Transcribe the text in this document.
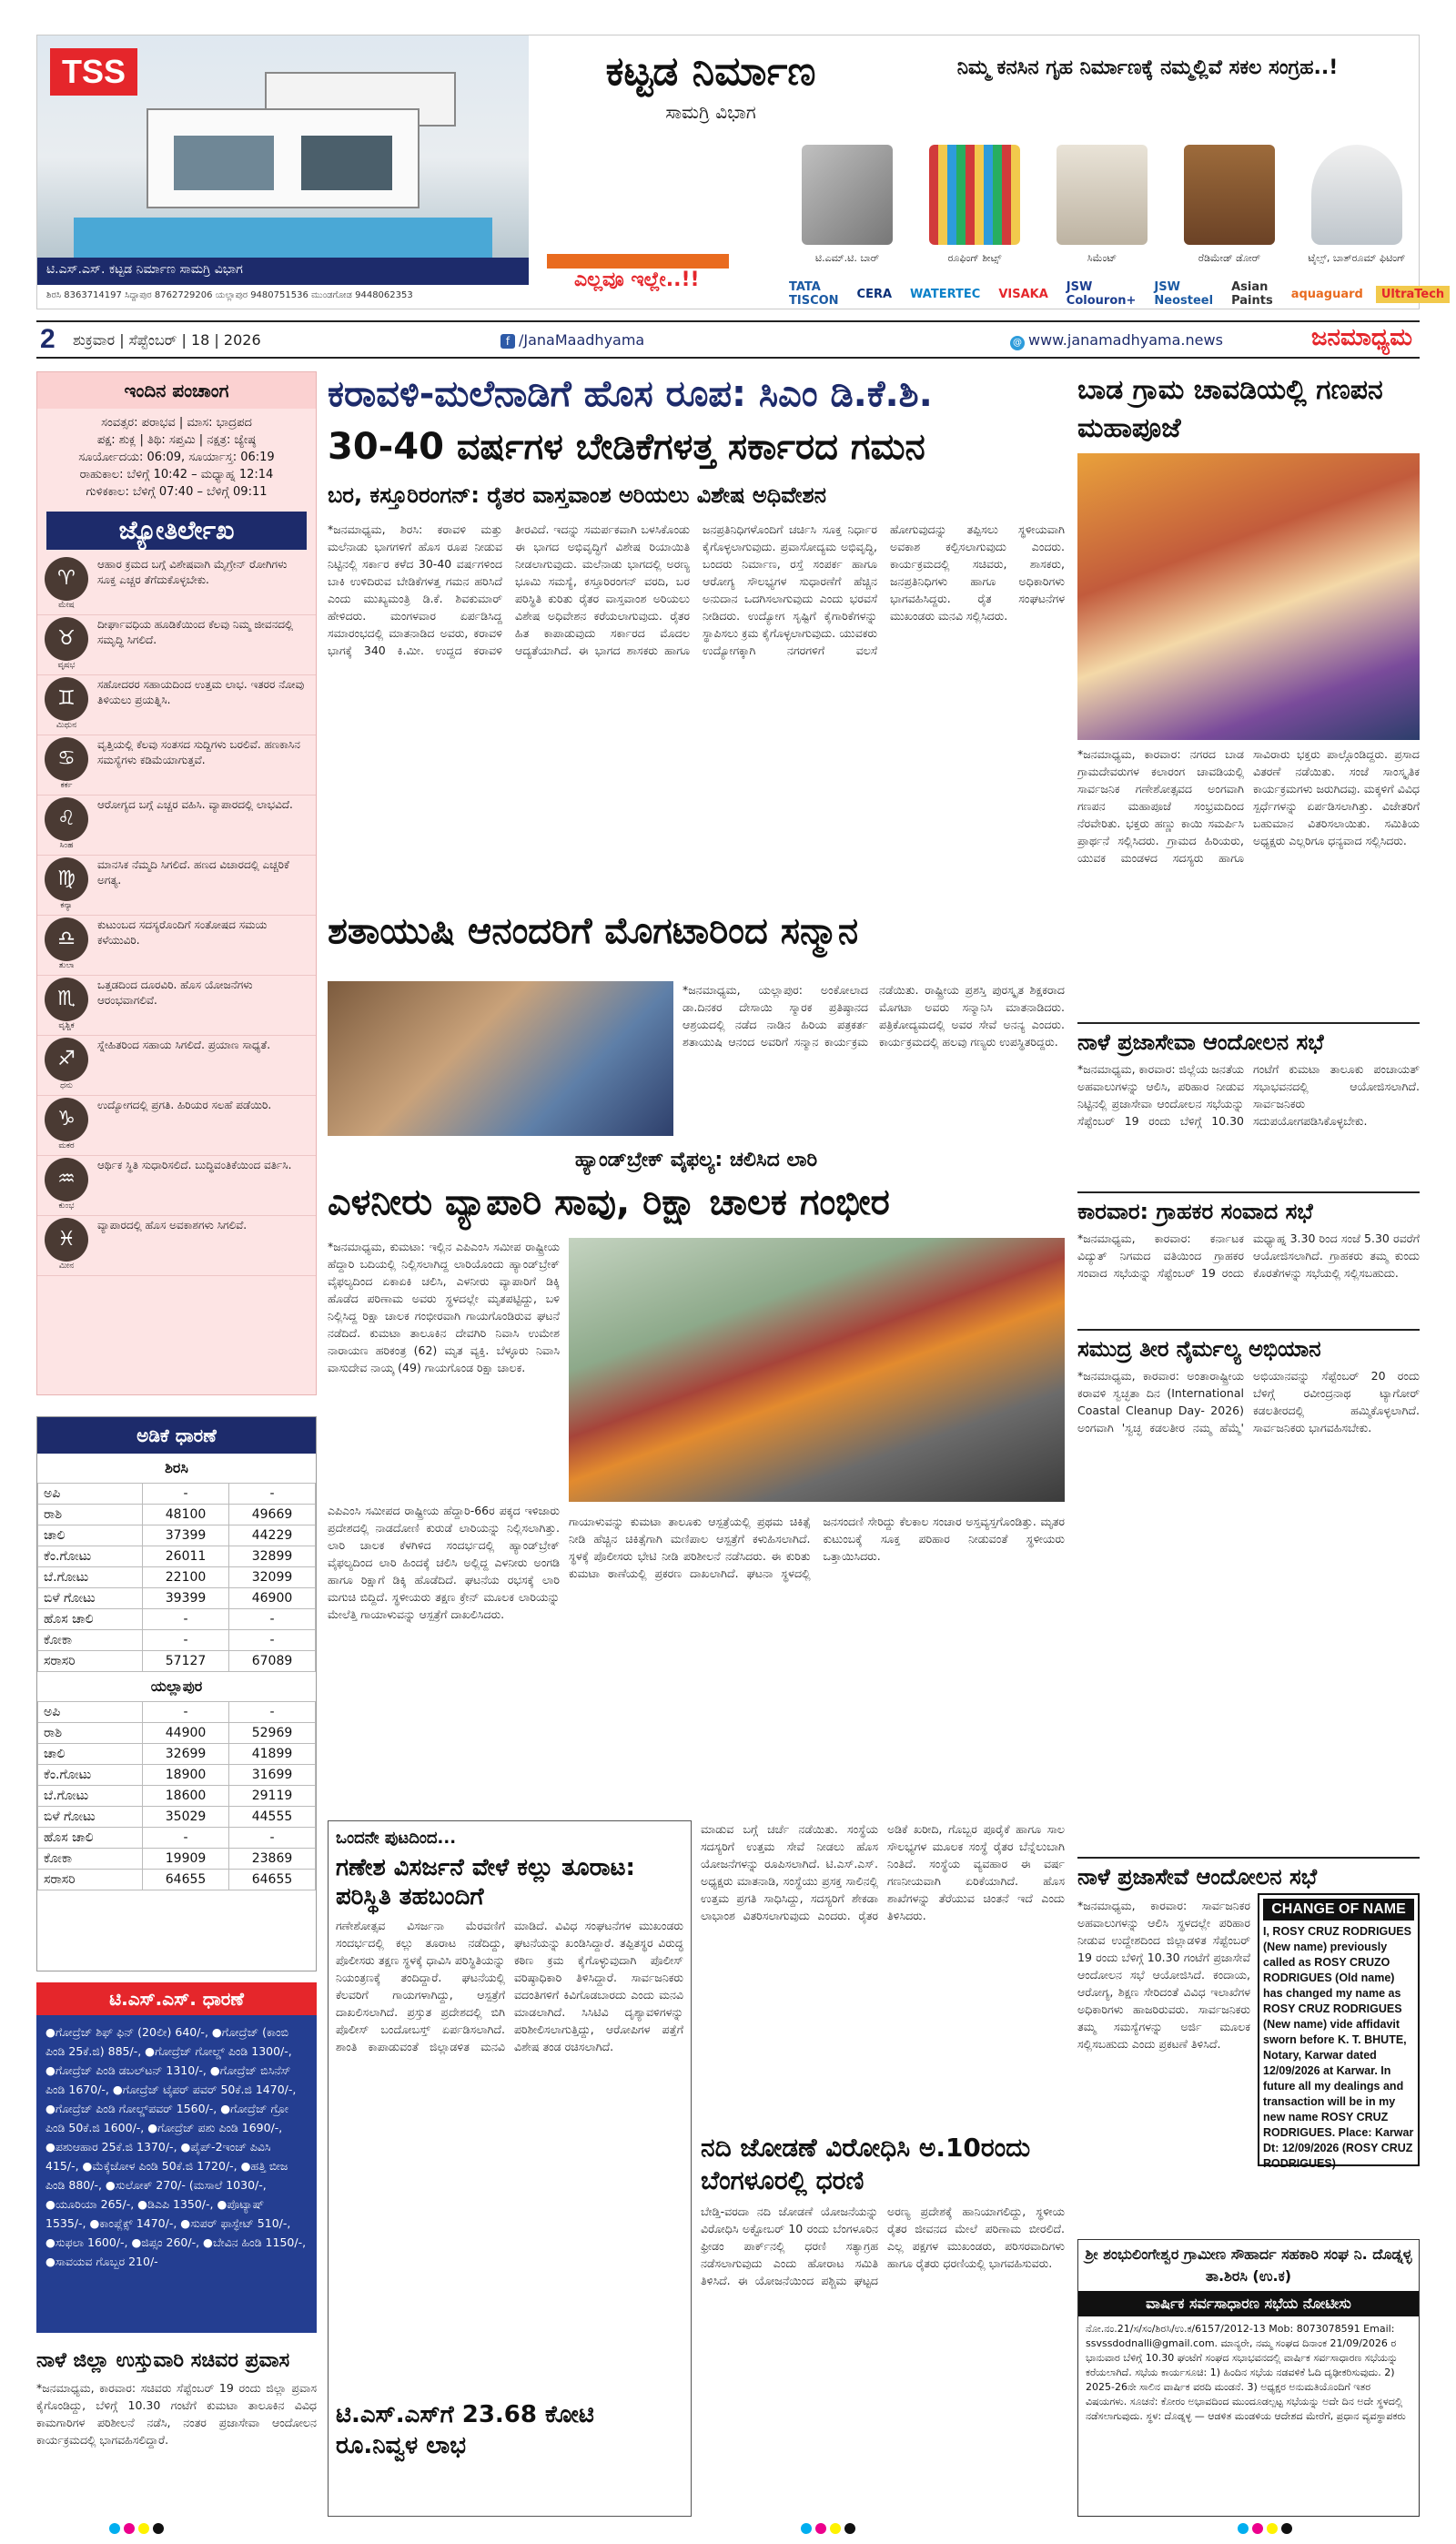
TSS
ಟಿ.ಎಸ್.ಎಸ್. ಕಟ್ಟಡ ನಿರ್ಮಾಣ ಸಾಮಗ್ರಿ ವಿಭಾಗ
ಶಿರಸಿ 8363714197 ಸಿದ್ದಾಪುರ 8762729206 ಯಲ್ಲಾಪುರ 9480751536 ಮುಂಡಗೋಡ 9448062353
ಕಟ್ಟಡ ನಿರ್ಮಾಣ
ಸಾಮಗ್ರಿ ವಿಭಾಗ
ನಿಮ್ಮ ಕನಸಿನ ಗೃಹ ನಿರ್ಮಾಣಕ್ಕೆ ನಮ್ಮಲ್ಲಿವೆ ಸಕಲ ಸಂಗ್ರಹ..!
ಎಲ್ಲವೂ ಇಲ್ಲೇ..!!
ಟಿ.ಎಮ್.ಟಿ. ಬಾರ್	ರೂಫಿಂಗ್ ಶೀಟ್ಸ್	ಸಿಮೆಂಟ್	ರೆಡಿಮೇಡ್ ಡೋರ್	ಟೈಲ್ಸ್, ಬಾತ್‌ರೂಮ್ ಫಿಟಿಂಗ್
TATA TISCON	CERA	WATERTEC	VISAKA	JSW Colouron+
JSW Neosteel
Asian Paints	aquaguard	UltraTech
2 ಶುಕ್ರವಾರ | ಸೆಪ್ಟೆಂಬರ್ | 18 | 2026	f /JanaMaadhyama	@ www.janamadhyama.news	ಜನಮಾಧ್ಯಮ
ಇಂದಿನ ಪಂಚಾಂಗ
ಸಂವತ್ಸರ: ಪರಾಭವ | ಮಾಸ: ಭಾದ್ರಪದ
ಪಕ್ಷ: ಶುಕ್ಲ | ತಿಥಿ: ಸಪ್ತಮಿ | ನಕ್ಷತ್ರ: ಜ್ಯೇಷ್ಠ
ಸೂರ್ಯೋದಯ: 06:09, ಸೂರ್ಯಾಸ್ತ: 06:19
ರಾಹುಕಾಲ: ಬೆಳಿಗ್ಗೆ 10:42 – ಮಧ್ಯಾಹ್ನ 12:14
ಗುಳಿಕಕಾಲ: ಬೆಳಿಗ್ಗೆ 07:40 – ಬೆಳಿಗ್ಗೆ 09:11
ಜ್ಯೋತಿರ್ಲೇಖ
♈
ಮೇಷ
ಆಹಾರ ಕ್ರಮದ ಬಗ್ಗೆ ವಿಶೇಷವಾಗಿ ಮೈಗ್ರೇನ್ ರೋಗಿಗಳು ಸೂಕ್ತ ಎಚ್ಚರ ತೆಗೆದುಕೊಳ್ಳಬೇಕು.
♉
ವೃಷಭ
ದೀರ್ಘಾವಧಿಯ ಹೂಡಿಕೆಯಿಂದ ಕೆಲವು ನಿಮ್ಮ ಜೀವನದಲ್ಲಿ ಸಮೃದ್ಧಿ ಸಿಗಲಿದೆ.
♊
ಮಿಥುನ
ಸಹೋದರರ ಸಹಾಯದಿಂದ ಉತ್ತಮ ಲಾಭ. ಇತರರ ನೋವು ತಿಳಿಯಲು ಪ್ರಯತ್ನಿಸಿ.
♋
ಕರ್ಕ
ವೃತ್ತಿಯಲ್ಲಿ ಕೆಲವು ಸಂತಸದ ಸುದ್ದಿಗಳು ಬರಲಿವೆ. ಹಣಕಾಸಿನ ಸಮಸ್ಯೆಗಳು ಕಡಿಮೆಯಾಗುತ್ತವೆ.
♌
ಸಿಂಹ
ಆರೋಗ್ಯದ ಬಗ್ಗೆ ಎಚ್ಚರ ವಹಿಸಿ. ವ್ಯಾಪಾರದಲ್ಲಿ ಲಾಭವಿದೆ.
♍
ಕನ್ಯಾ
ಮಾನಸಿಕ ನೆಮ್ಮದಿ ಸಿಗಲಿದೆ. ಹಣದ ವಿಚಾರದಲ್ಲಿ ಎಚ್ಚರಿಕೆ ಅಗತ್ಯ.
♎
ತುಲಾ
ಕುಟುಂಬದ ಸದಸ್ಯರೊಂದಿಗೆ ಸಂತೋಷದ ಸಮಯ ಕಳೆಯುವಿರಿ.
♏
ವೃಶ್ಚಿಕ
ಒತ್ತಡದಿಂದ ದೂರವಿರಿ. ಹೊಸ ಯೋಜನೆಗಳು ಆರಂಭವಾಗಲಿವೆ.
♐
ಧನು
ಸ್ನೇಹಿತರಿಂದ ಸಹಾಯ ಸಿಗಲಿದೆ. ಪ್ರಯಾಣ ಸಾಧ್ಯತೆ.
♑
ಮಕರ
ಉದ್ಯೋಗದಲ್ಲಿ ಪ್ರಗತಿ. ಹಿರಿಯರ ಸಲಹೆ ಪಡೆಯಿರಿ.
♒
ಕುಂಭ
ಆರ್ಥಿಕ ಸ್ಥಿತಿ ಸುಧಾರಿಸಲಿದೆ. ಬುದ್ಧಿವಂತಿಕೆಯಿಂದ ವರ್ತಿಸಿ.
♓
ಮೀನ
ವ್ಯಾಪಾರದಲ್ಲಿ ಹೊಸ ಅವಕಾಶಗಳು ಸಿಗಲಿವೆ.
ಅಡಿಕೆ ಧಾರಣೆ
ಶಿರಸಿ
ಅಪಿ	-	-
ರಾಶಿ	48100	49669
ಚಾಲಿ	37399	44229
ಕೆಂ.ಗೋಟು	26011	32899
ಬೆ.ಗೋಟು	22100	32099
ಬಿಳೆ ಗೋಟು	39399	46900
ಹೊಸ ಚಾಲಿ	-	-
ಕೋಕಾ	-	-
ಸರಾಸರಿ	57127	67089
ಯಲ್ಲಾಪುರ
ಅಪಿ	-	-
ರಾಶಿ	44900	52969
ಚಾಲಿ	32699	41899
ಕೆಂ.ಗೋಟು	18900	31699
ಬೆ.ಗೋಟು	18600	29119
ಬಿಳೆ ಗೋಟು	35029	44555
ಹೊಸ ಚಾಲಿ	-	-
ಕೋಕಾ	19909	23869
ಸರಾಸರಿ	64655	64655
ಟಿ.ಎಸ್.ಎಸ್. ಧಾರಣೆ
●ಗೋದ್ರೆಜ್ ಶಿಫ್ ಫಿನ್ (20ಲೀ) 640/-, ●ಗೋದ್ರೆಜ್ (ಕಾಂಬಿ ಪಿಂಡಿ 25ಕೆ.ಜಿ) 885/-, ●ಗೋದ್ರೆಜ್ ಗೋಲ್ಡ್ ಪಿಂಡಿ 1300/-, ●ಗೋದ್ರೆಜ್ ಪಿಂಡಿ ಡಬಲ್‌ಟನ್ 1310/-, ●ಗೋದ್ರೆಜ್ ಬಿಸಿನೆಸ್ ಪಿಂಡಿ 1670/-, ●ಗೋದ್ರೆಜ್ ಟೈಪರ್ ಪವರ್ 50ಕೆ.ಜಿ 1470/-, ●ಗೋದ್ರೆಜ್ ಪಿಂಡಿ ಗೋಲ್ಡ್‌ಪವರ್ 1560/-, ●ಗೋದ್ರೆಜ್ ಗ್ರೋ ಪಿಂಡಿ 50ಕೆ.ಜಿ 1600/-, ●ಗೋದ್ರೆಜ್ ಪಶು ಪಿಂಡಿ 1690/-, ●ಪಶುಆಹಾರ 25ಕೆ.ಜಿ 1370/-, ●ಪೈಪ್-2ಇಂಚ್ ಪಿವಿಸಿ 415/-, ●ಮೆಕ್ಕೆಜೋಳ ಪಿಂಡಿ 50ಕೆ.ಜಿ 1720/-, ●ಹತ್ತಿ ಬೀಜ ಪಿಂಡಿ 880/-, ●ಸುಲೋಕ್ 270/- (ಮಸಾಲೆ 1030/-, ●ಯೂರಿಯಾ 265/-, ●ಡಿಎಪಿ 1350/-, ●ಪೊಟ್ಯಾಷ್ 1535/-, ●ಕಾಂಪ್ಲೆಕ್ಸ್ 1470/-, ●ಸುಪರ್ ಫಾಸ್ಫೇಟ್ 510/-, ●ಸುಫಲಾ 1600/-, ●ಜಿಪ್ಸಂ 260/-, ●ಬೇವಿನ ಹಿಂಡಿ 1150/-, ●ಸಾವಯವ ಗೊಬ್ಬರ 210/-
ನಾಳೆ ಜಿಲ್ಲಾ ಉಸ್ತುವಾರಿ ಸಚಿವರ ಪ್ರವಾಸ
*ಜನಮಾಧ್ಯಮ, ಕಾರವಾರ: ಸಚಿವರು ಸೆಪ್ಟೆಂಬರ್ 19 ರಂದು ಜಿಲ್ಲಾ ಪ್ರವಾಸ ಕೈಗೊಂಡಿದ್ದು, ಬೆಳಿಗ್ಗೆ 10.30 ಗಂಟೆಗೆ ಕುಮಟಾ ತಾಲೂಕಿನ ವಿವಿಧ ಕಾಮಗಾರಿಗಳ ಪರಿಶೀಲನೆ ನಡೆಸಿ, ನಂತರ ಪ್ರಜಾಸೇವಾ ಆಂದೋಲನ ಕಾರ್ಯಕ್ರಮದಲ್ಲಿ ಭಾಗವಹಿಸಲಿದ್ದಾರೆ.
ಕರಾವಳಿ-ಮಲೆನಾಡಿಗೆ ಹೊಸ ರೂಪ: ಸಿಎಂ ಡಿ.ಕೆ.ಶಿ.
30-40 ವರ್ಷಗಳ ಬೇಡಿಕೆಗಳತ್ತ ಸರ್ಕಾರದ ಗಮನ
ಬರ, ಕಸ್ತೂರಿರಂಗನ್: ರೈತರ ವಾಸ್ತವಾಂಶ ಅರಿಯಲು ವಿಶೇಷ ಅಧಿವೇಶನ
*ಜನಮಾಧ್ಯಮ, ಶಿರಸಿ: ಕರಾವಳಿ ಮತ್ತು ಮಲೆನಾಡು ಭಾಗಗಳಿಗೆ ಹೊಸ ರೂಪ ನೀಡುವ ನಿಟ್ಟಿನಲ್ಲಿ ಸರ್ಕಾರ ಕಳೆದ 30-40 ವರ್ಷಗಳಿಂದ ಬಾಕಿ ಉಳಿದಿರುವ ಬೇಡಿಕೆಗಳತ್ತ ಗಮನ ಹರಿಸಿದೆ ಎಂದು ಮುಖ್ಯಮಂತ್ರಿ ಡಿ.ಕೆ. ಶಿವಕುಮಾರ್ ಹೇಳಿದರು. ಮಂಗಳವಾರ ಏರ್ಪಡಿಸಿದ್ದ ಸಮಾರಂಭದಲ್ಲಿ ಮಾತನಾಡಿದ ಅವರು, ಕರಾವಳಿ ಭಾಗಕ್ಕೆ 340 ಕಿ.ಮೀ. ಉದ್ದದ ಕರಾವಳಿ ತೀರವಿದೆ. ಇದನ್ನು ಸಮರ್ಪಕವಾಗಿ ಬಳಸಿಕೊಂಡು ಈ ಭಾಗದ ಅಭಿವೃದ್ಧಿಗೆ ವಿಶೇಷ ರಿಯಾಯಿತಿ ನೀಡಲಾಗುವುದು. ಮಲೆನಾಡು ಭಾಗದಲ್ಲಿ ಅರಣ್ಯ ಭೂಮಿ ಸಮಸ್ಯೆ, ಕಸ್ತೂರಿರಂಗನ್ ವರದಿ, ಬರ ಪರಿಸ್ಥಿತಿ ಕುರಿತು ರೈತರ ವಾಸ್ತವಾಂಶ ಅರಿಯಲು ವಿಶೇಷ ಅಧಿವೇಶನ ಕರೆಯಲಾಗುವುದು. ರೈತರ ಹಿತ ಕಾಪಾಡುವುದು ಸರ್ಕಾರದ ಮೊದಲ ಆದ್ಯತೆಯಾಗಿದೆ. ಈ ಭಾಗದ ಶಾಸಕರು ಹಾಗೂ ಜನಪ್ರತಿನಿಧಿಗಳೊಂದಿಗೆ ಚರ್ಚಿಸಿ ಸೂಕ್ತ ನಿರ್ಧಾರ ಕೈಗೊಳ್ಳಲಾಗುವುದು. ಪ್ರವಾಸೋದ್ಯಮ ಅಭಿವೃದ್ಧಿ, ಬಂದರು ನಿರ್ಮಾಣ, ರಸ್ತೆ ಸಂಪರ್ಕ ಹಾಗೂ ಆರೋಗ್ಯ ಸೌಲಭ್ಯಗಳ ಸುಧಾರಣೆಗೆ ಹೆಚ್ಚಿನ ಅನುದಾನ ಒದಗಿಸಲಾಗುವುದು ಎಂದು ಭರವಸೆ ನೀಡಿದರು. ಉದ್ಯೋಗ ಸೃಷ್ಟಿಗೆ ಕೈಗಾರಿಕೆಗಳನ್ನು ಸ್ಥಾಪಿಸಲು ಕ್ರಮ ಕೈಗೊಳ್ಳಲಾಗುವುದು. ಯುವಕರು ಉದ್ಯೋಗಕ್ಕಾಗಿ ನಗರಗಳಿಗೆ ವಲಸೆ ಹೋಗುವುದನ್ನು ತಪ್ಪಿಸಲು ಸ್ಥಳೀಯವಾಗಿ ಅವಕಾಶ ಕಲ್ಪಿಸಲಾಗುವುದು ಎಂದರು. ಕಾರ್ಯಕ್ರಮದಲ್ಲಿ ಸಚಿವರು, ಶಾಸಕರು, ಜನಪ್ರತಿನಿಧಿಗಳು ಹಾಗೂ ಅಧಿಕಾರಿಗಳು ಭಾಗವಹಿಸಿದ್ದರು. ರೈತ ಸಂಘಟನೆಗಳ ಮುಖಂಡರು ಮನವಿ ಸಲ್ಲಿಸಿದರು.
ಶತಾಯುಷಿ ಆನಂದರಿಗೆ ಮೊಗಟಾರಿಂದ ಸನ್ಮಾನ
*ಜನಮಾಧ್ಯಮ, ಯಲ್ಲಾಪುರ: ಅಂಕೋಲಾದ ಡಾ.ದಿನಕರ ದೇಸಾಯಿ ಸ್ಮಾರಕ ಪ್ರತಿಷ್ಠಾನದ ಆಶ್ರಯದಲ್ಲಿ ನಡೆದ ನಾಡಿನ ಹಿರಿಯ ಪತ್ರಕರ್ತ ಶತಾಯುಷಿ ಆನಂದ ಅವರಿಗೆ ಸನ್ಮಾನ ಕಾರ್ಯಕ್ರಮ ನಡೆಯಿತು. ರಾಷ್ಟ್ರೀಯ ಪ್ರಶಸ್ತಿ ಪುರಸ್ಕೃತ ಶಿಕ್ಷಕರಾದ ಮೊಗಟಾ ಅವರು ಸನ್ಮಾನಿಸಿ ಮಾತನಾಡಿದರು. ಪತ್ರಿಕೋದ್ಯಮದಲ್ಲಿ ಅವರ ಸೇವೆ ಅನನ್ಯ ಎಂದರು. ಕಾರ್ಯಕ್ರಮದಲ್ಲಿ ಹಲವು ಗಣ್ಯರು ಉಪಸ್ಥಿತರಿದ್ದರು.
ಹ್ಯಾಂಡ್‌ಬ್ರೇಕ್ ವೈಫಲ್ಯ: ಚಲಿಸಿದ ಲಾರಿ
ಎಳನೀರು ವ್ಯಾಪಾರಿ ಸಾವು, ರಿಕ್ಷಾ ಚಾಲಕ ಗಂಭೀರ
*ಜನಮಾಧ್ಯಮ, ಕುಮಟಾ: ಇಲ್ಲಿನ ಎಪಿಎಂಸಿ ಸಮೀಪ ರಾಷ್ಟ್ರೀಯ ಹೆದ್ದಾರಿ ಬದಿಯಲ್ಲಿ ನಿಲ್ಲಿಸಲಾಗಿದ್ದ ಲಾರಿಯೊಂದು ಹ್ಯಾಂಡ್‌ಬ್ರೇಕ್ ವೈಫಲ್ಯದಿಂದ ಏಕಾಏಕಿ ಚಲಿಸಿ, ಎಳನೀರು ವ್ಯಾಪಾರಿಗೆ ಡಿಕ್ಕಿ ಹೊಡೆದ ಪರಿಣಾಮ ಅವರು ಸ್ಥಳದಲ್ಲೇ ಮೃತಪಟ್ಟಿದ್ದು, ಬಳಿ ನಿಲ್ಲಿಸಿದ್ದ ರಿಕ್ಷಾ ಚಾಲಕ ಗಂಭೀರವಾಗಿ ಗಾಯಗೊಂಡಿರುವ ಘಟನೆ ನಡೆದಿದೆ. ಕುಮಟಾ ತಾಲೂಕಿನ ದೇವಗಿರಿ ನಿವಾಸಿ ಉಮೇಶ ನಾರಾಯಣ ಹರಿಕಂತ್ರ (62) ಮೃತ ವ್ಯಕ್ತಿ. ಬೆಳ್ಳೂರು ನಿವಾಸಿ ವಾಸುದೇವ ನಾಯ್ಕ (49) ಗಾಯಗೊಂಡ ರಿಕ್ಷಾ ಚಾಲಕ.
ಎಪಿಎಂಸಿ ಸಮೀಪದ ರಾಷ್ಟ್ರೀಯ ಹೆದ್ದಾರಿ-66ರ ಪಕ್ಕದ ಇಳಿಜಾರು ಪ್ರದೇಶದಲ್ಲಿ ನಾಡದೋಣಿ ಕುರುಡೆ ಲಾರಿಯನ್ನು ನಿಲ್ಲಿಸಲಾಗಿತ್ತು. ಲಾರಿ ಚಾಲಕ ಕೆಳಗಿಳಿದ ಸಂದರ್ಭದಲ್ಲಿ ಹ್ಯಾಂಡ್‌ಬ್ರೇಕ್ ವೈಫಲ್ಯದಿಂದ ಲಾರಿ ಹಿಂದಕ್ಕೆ ಚಲಿಸಿ ಅಲ್ಲಿದ್ದ ಎಳನೀರು ಅಂಗಡಿ ಹಾಗೂ ರಿಕ್ಷಾಗೆ ಡಿಕ್ಕಿ ಹೊಡೆದಿದೆ. ಘಟನೆಯ ರಭಸಕ್ಕೆ ಲಾರಿ ಮಗುಚಿ ಬಿದ್ದಿದೆ. ಸ್ಥಳೀಯರು ತಕ್ಷಣ ಕ್ರೇನ್ ಮೂಲಕ ಲಾರಿಯನ್ನು ಮೇಲೆತ್ತಿ ಗಾಯಾಳುವನ್ನು ಆಸ್ಪತ್ರೆಗೆ ದಾಖಲಿಸಿದರು.
ಗಾಯಾಳುವನ್ನು ಕುಮಟಾ ತಾಲೂಕು ಆಸ್ಪತ್ರೆಯಲ್ಲಿ ಪ್ರಥಮ ಚಿಕಿತ್ಸೆ ನೀಡಿ ಹೆಚ್ಚಿನ ಚಿಕಿತ್ಸೆಗಾಗಿ ಮಣಿಪಾಲ ಆಸ್ಪತ್ರೆಗೆ ಕಳುಹಿಸಲಾಗಿದೆ. ಸ್ಥಳಕ್ಕೆ ಪೊಲೀಸರು ಭೇಟಿ ನೀಡಿ ಪರಿಶೀಲನೆ ನಡೆಸಿದರು. ಈ ಕುರಿತು ಕುಮಟಾ ಠಾಣೆಯಲ್ಲಿ ಪ್ರಕರಣ ದಾಖಲಾಗಿದೆ. ಘಟನಾ ಸ್ಥಳದಲ್ಲಿ ಜನಸಂದಣಿ ಸೇರಿದ್ದು ಕೆಲಕಾಲ ಸಂಚಾರ ಅಸ್ತವ್ಯಸ್ತಗೊಂಡಿತ್ತು. ಮೃತರ ಕುಟುಂಬಕ್ಕೆ ಸೂಕ್ತ ಪರಿಹಾರ ನೀಡುವಂತೆ ಸ್ಥಳೀಯರು ಒತ್ತಾಯಿಸಿದರು.
ಒಂದನೇ ಪುಟದಿಂದ...
ಗಣೇಶ ವಿಸರ್ಜನೆ ವೇಳೆ ಕಲ್ಲು ತೂರಾಟ: ಪರಿಸ್ಥಿತಿ ತಹಬಂದಿಗೆ
ಗಣೇಶೋತ್ಸವ ವಿಸರ್ಜನಾ ಮೆರವಣಿಗೆ ಸಂದರ್ಭದಲ್ಲಿ ಕಲ್ಲು ತೂರಾಟ ನಡೆದಿದ್ದು, ಪೊಲೀಸರು ತಕ್ಷಣ ಸ್ಥಳಕ್ಕೆ ಧಾವಿಸಿ ಪರಿಸ್ಥಿತಿಯನ್ನು ನಿಯಂತ್ರಣಕ್ಕೆ ತಂದಿದ್ದಾರೆ. ಘಟನೆಯಲ್ಲಿ ಕೆಲವರಿಗೆ ಗಾಯಗಳಾಗಿದ್ದು, ಆಸ್ಪತ್ರೆಗೆ ದಾಖಲಿಸಲಾಗಿದೆ. ಪ್ರಸ್ತುತ ಪ್ರದೇಶದಲ್ಲಿ ಬಿಗಿ ಪೊಲೀಸ್ ಬಂದೋಬಸ್ತ್ ಏರ್ಪಡಿಸಲಾಗಿದೆ. ಶಾಂತಿ ಕಾಪಾಡುವಂತೆ ಜಿಲ್ಲಾಡಳಿತ ಮನವಿ ಮಾಡಿದೆ. ವಿವಿಧ ಸಂಘಟನೆಗಳ ಮುಖಂಡರು ಘಟನೆಯನ್ನು ಖಂಡಿಸಿದ್ದಾರೆ. ತಪ್ಪಿತಸ್ಥರ ವಿರುದ್ಧ ಕಠಿಣ ಕ್ರಮ ಕೈಗೊಳ್ಳುವುದಾಗಿ ಪೊಲೀಸ್ ವರಿಷ್ಠಾಧಿಕಾರಿ ತಿಳಿಸಿದ್ದಾರೆ. ಸಾರ್ವಜನಿಕರು ವದಂತಿಗಳಿಗೆ ಕಿವಿಗೊಡಬಾರದು ಎಂದು ಮನವಿ ಮಾಡಲಾಗಿದೆ. ಸಿಸಿಟಿವಿ ದೃಶ್ಯಾವಳಿಗಳನ್ನು ಪರಿಶೀಲಿಸಲಾಗುತ್ತಿದ್ದು, ಆರೋಪಿಗಳ ಪತ್ತೆಗೆ ವಿಶೇಷ ತಂಡ ರಚಿಸಲಾಗಿದೆ.
ಟಿ.ಎಸ್.ಎಸ್‌ಗೆ 23.68 ಕೋಟಿ ರೂ.ನಿವ್ವಳ ಲಾಭ
ಮಾಡುವ ಬಗ್ಗೆ ಚರ್ಚೆ ನಡೆಯಿತು. ಸಂಸ್ಥೆಯ ಸದಸ್ಯರಿಗೆ ಉತ್ತಮ ಸೇವೆ ನೀಡಲು ಹೊಸ ಯೋಜನೆಗಳನ್ನು ರೂಪಿಸಲಾಗಿದೆ. ಟಿ.ಎಸ್.ಎಸ್. ಅಧ್ಯಕ್ಷರು ಮಾತನಾಡಿ, ಸಂಸ್ಥೆಯು ಪ್ರಸಕ್ತ ಸಾಲಿನಲ್ಲಿ ಉತ್ತಮ ಪ್ರಗತಿ ಸಾಧಿಸಿದ್ದು, ಸದಸ್ಯರಿಗೆ ಶೇಕಡಾ ಲಾಭಾಂಶ ವಿತರಿಸಲಾಗುವುದು ಎಂದರು. ರೈತರ ಅಡಿಕೆ ಖರೀದಿ, ಗೊಬ್ಬರ ಪೂರೈಕೆ ಹಾಗೂ ಸಾಲ ಸೌಲಭ್ಯಗಳ ಮೂಲಕ ಸಂಸ್ಥೆ ರೈತರ ಬೆನ್ನೆಲುಬಾಗಿ ನಿಂತಿದೆ. ಸಂಸ್ಥೆಯ ವ್ಯವಹಾರ ಈ ವರ್ಷ ಗಣನೀಯವಾಗಿ ಏರಿಕೆಯಾಗಿದೆ. ಹೊಸ ಶಾಖೆಗಳನ್ನು ತೆರೆಯುವ ಚಿಂತನೆ ಇದೆ ಎಂದು ತಿಳಿಸಿದರು.
ನದಿ ಜೋಡಣೆ ವಿರೋಧಿಸಿ ಅ.10ರಂದು ಬೆಂಗಳೂರಲ್ಲಿ ಧರಣಿ
ಬೇಡ್ತಿ-ವರದಾ ನದಿ ಜೋಡಣೆ ಯೋಜನೆಯನ್ನು ವಿರೋಧಿಸಿ ಅಕ್ಟೋಬರ್ 10 ರಂದು ಬೆಂಗಳೂರಿನ ಫ್ರೀಡಂ ಪಾರ್ಕ್‌ನಲ್ಲಿ ಧರಣಿ ಸತ್ಯಾಗ್ರಹ ನಡೆಸಲಾಗುವುದು ಎಂದು ಹೋರಾಟ ಸಮಿತಿ ತಿಳಿಸಿದೆ. ಈ ಯೋಜನೆಯಿಂದ ಪಶ್ಚಿಮ ಘಟ್ಟದ ಅರಣ್ಯ ಪ್ರದೇಶಕ್ಕೆ ಹಾನಿಯಾಗಲಿದ್ದು, ಸ್ಥಳೀಯ ರೈತರ ಜೀವನದ ಮೇಲೆ ಪರಿಣಾಮ ಬೀರಲಿದೆ. ಎಲ್ಲ ಪಕ್ಷಗಳ ಮುಖಂಡರು, ಪರಿಸರವಾದಿಗಳು ಹಾಗೂ ರೈತರು ಧರಣಿಯಲ್ಲಿ ಭಾಗವಹಿಸುವರು.
ಬಾಡ ಗ್ರಾಮ ಚಾವಡಿಯಲ್ಲಿ ಗಣಪನ ಮಹಾಪೂಜೆ
*ಜನಮಾಧ್ಯಮ, ಕಾರವಾರ: ನಗರದ ಬಾಡ ಗ್ರಾಮದೇವರುಗಳ ಕಲಾರಂಗ ಚಾವಡಿಯಲ್ಲಿ ಸಾರ್ವಜನಿಕ ಗಣೇಶೋತ್ಸವದ ಅಂಗವಾಗಿ ಗಣಪನ ಮಹಾಪೂಜೆ ಸಂಭ್ರಮದಿಂದ ನೆರವೇರಿತು. ಭಕ್ತರು ಹಣ್ಣು ಕಾಯಿ ಸಮರ್ಪಿಸಿ ಪ್ರಾರ್ಥನೆ ಸಲ್ಲಿಸಿದರು. ಗ್ರಾಮದ ಹಿರಿಯರು, ಯುವಕ ಮಂಡಳದ ಸದಸ್ಯರು ಹಾಗೂ ಸಾವಿರಾರು ಭಕ್ತರು ಪಾಲ್ಗೊಂಡಿದ್ದರು. ಪ್ರಸಾದ ವಿತರಣೆ ನಡೆಯಿತು. ಸಂಜೆ ಸಾಂಸ್ಕೃತಿಕ ಕಾರ್ಯಕ್ರಮಗಳು ಜರುಗಿದವು. ಮಕ್ಕಳಿಗೆ ವಿವಿಧ ಸ್ಪರ್ಧೆಗಳನ್ನು ಏರ್ಪಡಿಸಲಾಗಿತ್ತು. ವಿಜೇತರಿಗೆ ಬಹುಮಾನ ವಿತರಿಸಲಾಯಿತು. ಸಮಿತಿಯ ಅಧ್ಯಕ್ಷರು ಎಲ್ಲರಿಗೂ ಧನ್ಯವಾದ ಸಲ್ಲಿಸಿದರು.
ನಾಳೆ ಪ್ರಜಾಸೇವಾ ಆಂದೋಲನ ಸಭೆ
*ಜನಮಾಧ್ಯಮ, ಕಾರವಾರ: ಜಿಲ್ಲೆಯ ಜನತೆಯ ಅಹವಾಲುಗಳನ್ನು ಆಲಿಸಿ, ಪರಿಹಾರ ನೀಡುವ ನಿಟ್ಟಿನಲ್ಲಿ ಪ್ರಜಾಸೇವಾ ಆಂದೋಲನ ಸಭೆಯನ್ನು ಸೆಪ್ಟೆಂಬರ್ 19 ರಂದು ಬೆಳಿಗ್ಗೆ 10.30 ಗಂಟೆಗೆ ಕುಮಟಾ ತಾಲೂಕು ಪಂಚಾಯತ್ ಸಭಾಭವನದಲ್ಲಿ ಆಯೋಜಿಸಲಾಗಿದೆ. ಸಾರ್ವಜನಿಕರು ಸದುಪಯೋಗಪಡಿಸಿಕೊಳ್ಳಬೇಕು.
ಕಾರವಾರ: ಗ್ರಾಹಕರ ಸಂವಾದ ಸಭೆ
*ಜನಮಾಧ್ಯಮ, ಕಾರವಾರ: ಕರ್ನಾಟಕ ವಿದ್ಯುತ್ ನಿಗಮದ ವತಿಯಿಂದ ಗ್ರಾಹಕರ ಸಂವಾದ ಸಭೆಯನ್ನು ಸೆಪ್ಟೆಂಬರ್ 19 ರಂದು ಮಧ್ಯಾಹ್ನ 3.30 ರಿಂದ ಸಂಜೆ 5.30 ರವರೆಗೆ ಆಯೋಜಿಸಲಾಗಿದೆ. ಗ್ರಾಹಕರು ತಮ್ಮ ಕುಂದು ಕೊರತೆಗಳನ್ನು ಸಭೆಯಲ್ಲಿ ಸಲ್ಲಿಸಬಹುದು.
ಸಮುದ್ರ ತೀರ ನೈರ್ಮಲ್ಯ ಅಭಿಯಾನ
*ಜನಮಾಧ್ಯಮ, ಕಾರವಾರ: ಅಂತಾರಾಷ್ಟ್ರೀಯ ಕರಾವಳಿ ಸ್ವಚ್ಛತಾ ದಿನ (International Coastal Cleanup Day- 2026) ಅಂಗವಾಗಿ 'ಸ್ವಚ್ಛ ಕಡಲತೀರ ನಮ್ಮ ಹೆಮ್ಮೆ' ಅಭಿಯಾನವನ್ನು ಸೆಪ್ಟೆಂಬರ್ 20 ರಂದು ಬೆಳಿಗ್ಗೆ ರವೀಂದ್ರನಾಥ ಟ್ಯಾಗೋರ್ ಕಡಲತೀರದಲ್ಲಿ ಹಮ್ಮಿಕೊಳ್ಳಲಾಗಿದೆ. ಸಾರ್ವಜನಿಕರು ಭಾಗವಹಿಸಬೇಕು.
ನಾಳೆ ಪ್ರಜಾಸೇವೆ ಆಂದೋಲನ ಸಭೆ
*ಜನಮಾಧ್ಯಮ, ಕಾರವಾರ: ಸಾರ್ವಜನಿಕರ ಅಹವಾಲುಗಳನ್ನು ಆಲಿಸಿ ಸ್ಥಳದಲ್ಲೇ ಪರಿಹಾರ ನೀಡುವ ಉದ್ದೇಶದಿಂದ ಜಿಲ್ಲಾಡಳಿತ ಸೆಪ್ಟೆಂಬರ್ 19 ರಂದು ಬೆಳಿಗ್ಗೆ 10.30 ಗಂಟೆಗೆ ಪ್ರಜಾಸೇವೆ ಆಂದೋಲನ ಸಭೆ ಆಯೋಜಿಸಿದೆ. ಕಂದಾಯ, ಆರೋಗ್ಯ, ಶಿಕ್ಷಣ ಸೇರಿದಂತೆ ವಿವಿಧ ಇಲಾಖೆಗಳ ಅಧಿಕಾರಿಗಳು ಹಾಜರಿರುವರು. ಸಾರ್ವಜನಿಕರು ತಮ್ಮ ಸಮಸ್ಯೆಗಳನ್ನು ಅರ್ಜಿ ಮೂಲಕ ಸಲ್ಲಿಸಬಹುದು ಎಂದು ಪ್ರಕಟಣೆ ತಿಳಿಸಿದೆ.
CHANGE OF NAME
I, ROSY CRUZ RODRIGUES (New name) previously called as ROSY CRUZO RODRIGUES (Old name) has changed my name as ROSY CRUZ RODRIGUES (New name) vide affidavit sworn before K. T. BHUTE, Notary, Karwar dated 12/09/2026 at Karwar. In future all my dealings and transaction will be in my new name ROSY CRUZ RODRIGUES. Place: Karwar Dt: 12/09/2026 (ROSY CRUZ RODRIGUES)
ಶ್ರೀ ಶಂಭುಲಿಂಗೇಶ್ವರ ಗ್ರಾಮೀಣ ಸೌಹಾರ್ದ ಸಹಕಾರಿ ಸಂಘ ನಿ. ದೊಡ್ನಳ್ಳ ತಾ.ಶಿರಸಿ (ಉ.ಕ)
ವಾರ್ಷಿಕ ಸರ್ವಸಾಧಾರಣ ಸಭೆಯ ನೋಟೀಸು
ನೋ.ನಂ.21/ಸ/ಸಂ/ಶಿರಸಿ/ಉ.ಕ/6157/2012-13 Mob: 8073078591 Email: ssvssdodnalli@gmail.com. ಮಾನ್ಯರೇ, ನಮ್ಮ ಸಂಘದ ದಿನಾಂಕ 21/09/2026 ರ ಭಾನುವಾರ ಬೆಳಿಗ್ಗೆ 10.30 ಘಂಟೆಗೆ ಸಂಘದ ಸಭಾಭವನದಲ್ಲಿ ವಾರ್ಷಿಕ ಸರ್ವಸಾಧಾರಣ ಸಭೆಯನ್ನು ಕರೆಯಲಾಗಿದೆ. ಸಭೆಯ ಕಾರ್ಯಸೂಚಿ: 1) ಹಿಂದಿನ ಸಭೆಯ ನಡವಳಿಕೆ ಓದಿ ದೃಢೀಕರಿಸುವುದು. 2) 2025-26ನೇ ಸಾಲಿನ ವಾರ್ಷಿಕ ವರದಿ ಮಂಡನೆ. 3) ಅಧ್ಯಕ್ಷರ ಅನುಮತಿಯೊಂದಿಗೆ ಇತರ ವಿಷಯಗಳು. ಸೂಚನೆ: ಕೋರಂ ಅಭಾವದಿಂದ ಮುಂದೂಡಲ್ಪಟ್ಟ ಸಭೆಯನ್ನು ಅದೇ ದಿನ ಅದೇ ಸ್ಥಳದಲ್ಲಿ ನಡೆಸಲಾಗುವುದು. ಸ್ಥಳ: ದೊಡ್ನಳ್ಳ — ಆಡಳಿತ ಮಂಡಳಿಯ ಆದೇಶದ ಮೇರೆಗೆ, ಪ್ರಧಾನ ವ್ಯವಸ್ಥಾಪಕರು
